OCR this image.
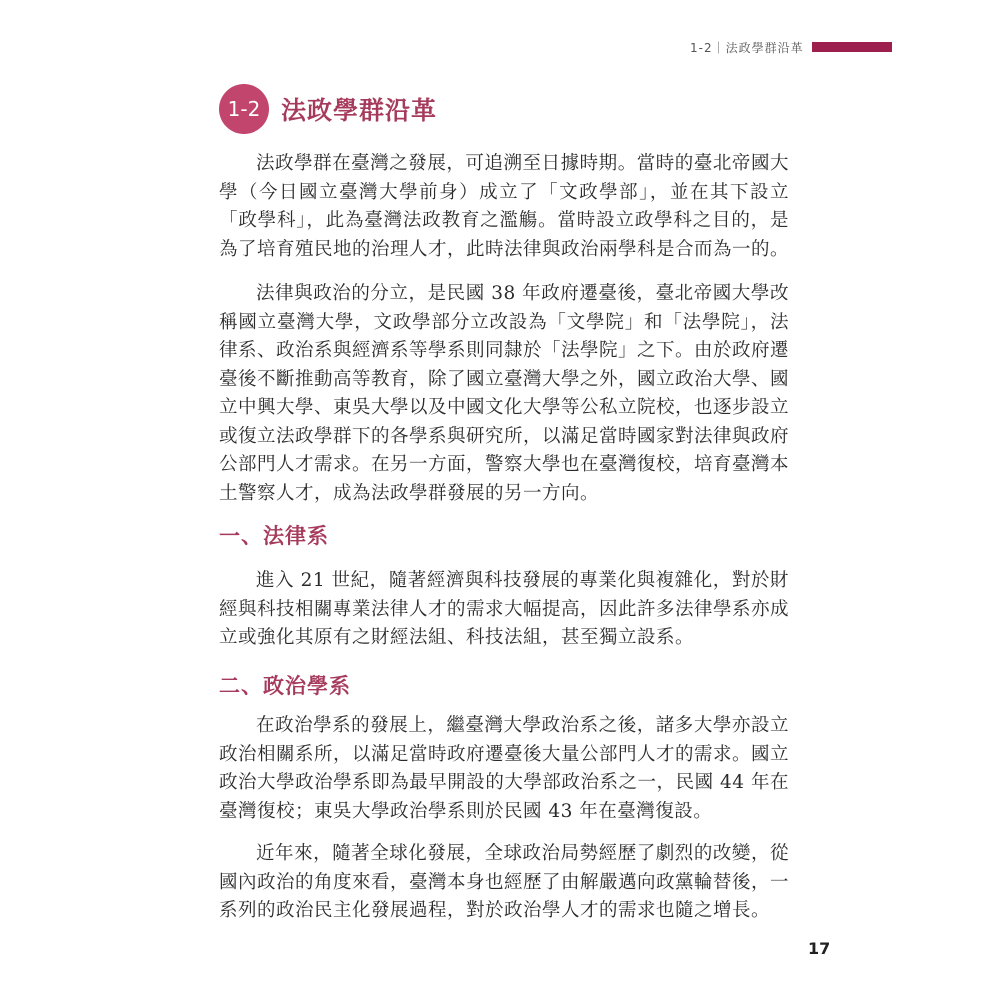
1-2｜法政學群沿革
1-2 法政學群沿革

法政學群在臺灣之發展，可追溯至日據時期。當時的臺北帝國大學（今日國立臺灣大學前身）成立了「文政學部」，並在其下設立「政學科」，此為臺灣法政教育之濫觴。當時設立政學科之目的，是為了培育殖民地的治理人才，此時法律與政治兩學科是合而為一的。

法律與政治的分立，是民國 38 年政府遷臺後，臺北帝國大學改稱國立臺灣大學，文政學部分立改設為「文學院」和「法學院」，法律系、政治系與經濟系等學系則同隸於「法學院」之下。由於政府遷臺後不斷推動高等教育，除了國立臺灣大學之外，國立政治大學、國立中興大學、東吳大學以及中國文化大學等公私立院校，也逐步設立或復立法政學群下的各學系與研究所，以滿足當時國家對法律與政府公部門人才需求。在另一方面，警察大學也在臺灣復校，培育臺灣本土警察人才，成為法政學群發展的另一方向。

一、法律系

進入 21 世紀，隨著經濟與科技發展的專業化與複雜化，對於財經與科技相關專業法律人才的需求大幅提高，因此許多法律學系亦成立或強化其原有之財經法組、科技法組，甚至獨立設系。

二、政治學系

在政治學系的發展上，繼臺灣大學政治系之後，諸多大學亦設立政治相關系所，以滿足當時政府遷臺後大量公部門人才的需求。國立政治大學政治學系即為最早開設的大學部政治系之一，民國 44 年在臺灣復校；東吳大學政治學系則於民國 43 年在臺灣復設。

近年來，隨著全球化發展，全球政治局勢經歷了劇烈的改變，從國內政治的角度來看，臺灣本身也經歷了由解嚴邁向政黨輪替後，一系列的政治民主化發展過程，對於政治學人才的需求也隨之增長。

17
